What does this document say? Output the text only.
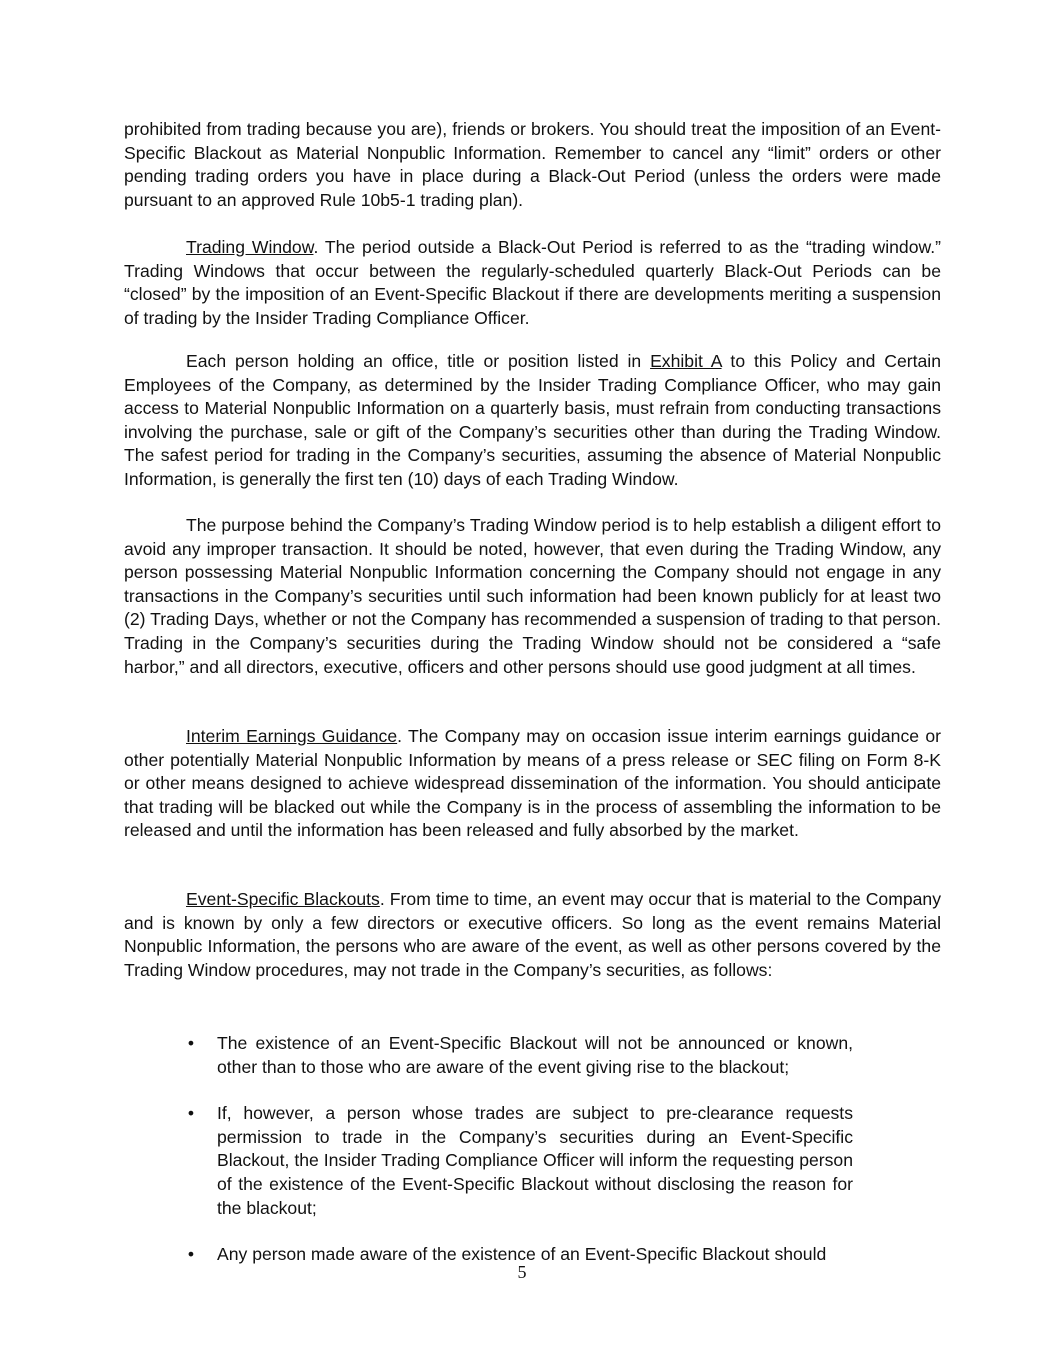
prohibited from trading because you are), friends or brokers. You should treat the imposition of an Event-Specific Blackout as Material Nonpublic Information. Remember to cancel any “limit” orders or other pending trading orders you have in place during a Black-Out Period (unless the orders were made pursuant to an approved Rule 10b5-1 trading plan).

Trading Window. The period outside a Black-Out Period is referred to as the “trading window.” Trading Windows that occur between the regularly-scheduled quarterly Black-Out Periods can be “closed” by the imposition of an Event-Specific Blackout if there are developments meriting a suspension of trading by the Insider Trading Compliance Officer.

Each person holding an office, title or position listed in Exhibit A to this Policy and Certain Employees of the Company, as determined by the Insider Trading Compliance Officer, who may gain access to Material Nonpublic Information on a quarterly basis, must refrain from conducting transactions involving the purchase, sale or gift of the Company’s securities other than during the Trading Window. The safest period for trading in the Company’s securities, assuming the absence of Material Nonpublic Information, is generally the first ten (10) days of each Trading Window.

The purpose behind the Company’s Trading Window period is to help establish a diligent effort to avoid any improper transaction. It should be noted, however, that even during the Trading Window, any person possessing Material Nonpublic Information concerning the Company should not engage in any transactions in the Company’s securities until such information had been known publicly for at least two (2) Trading Days, whether or not the Company has recommended a suspension of trading to that person. Trading in the Company’s securities during the Trading Window should not be considered a “safe harbor,” and all directors, executive, officers and other persons should use good judgment at all times.

Interim Earnings Guidance. The Company may on occasion issue interim earnings guidance or other potentially Material Nonpublic Information by means of a press release or SEC filing on Form 8-K or other means designed to achieve widespread dissemination of the information. You should anticipate that trading will be blacked out while the Company is in the process of assembling the information to be released and until the information has been released and fully absorbed by the market.

Event-Specific Blackouts. From time to time, an event may occur that is material to the Company and is known by only a few directors or executive officers. So long as the event remains Material Nonpublic Information, the persons who are aware of the event, as well as other persons covered by the Trading Window procedures, may not trade in the Company’s securities, as follows:

• The existence of an Event-Specific Blackout will not be announced or known, other than to those who are aware of the event giving rise to the blackout;
• If, however, a person whose trades are subject to pre-clearance requests permission to trade in the Company’s securities during an Event-Specific Blackout, the Insider Trading Compliance Officer will inform the requesting person of the existence of the Event-Specific Blackout without disclosing the reason for the blackout;
• Any person made aware of the existence of an Event-Specific Blackout should
5
